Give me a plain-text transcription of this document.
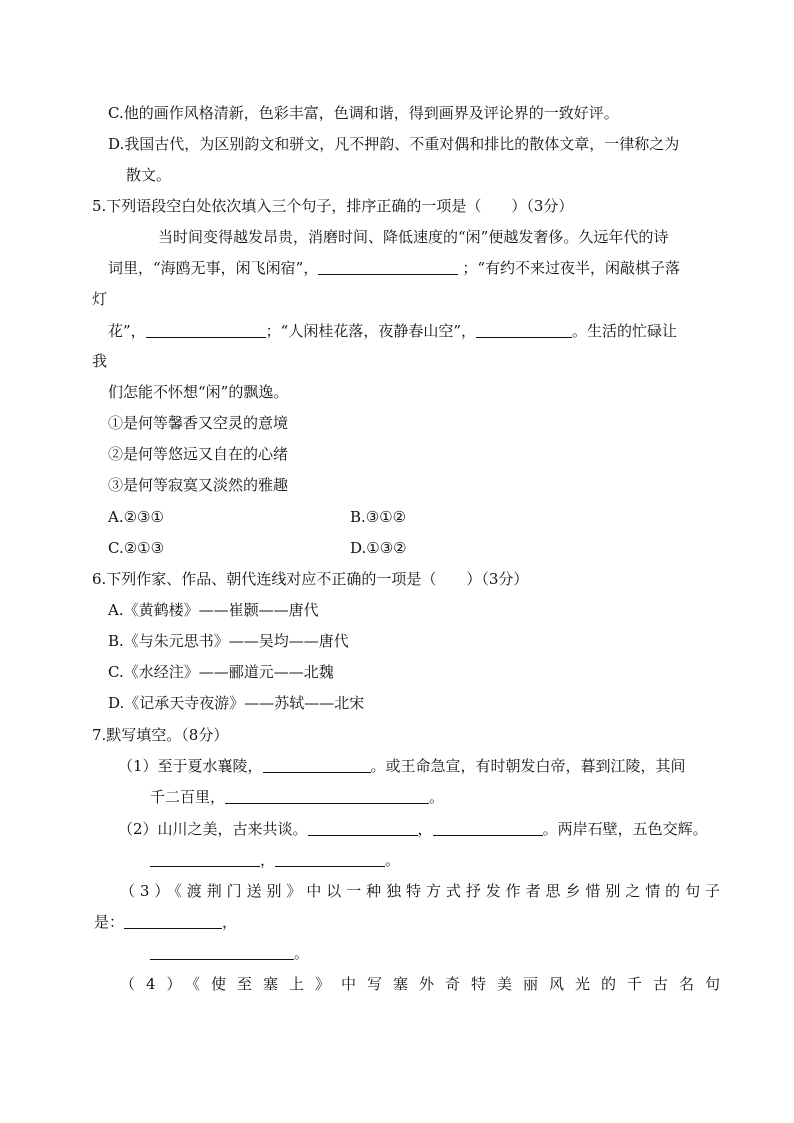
C.他的画作风格清新，色彩丰富，色调和谐，得到画界及评论界的一致好评。
D.我国古代，为区别韵文和骈文，凡不押韵、不重对偶和排比的散体文章，一律称之为
散文。
5.下列语段空白处依次填入三个句子，排序正确的一项是（　　）（3分）
当时间变得越发昂贵，消磨时间、降低速度的“闲”便越发奢侈。久远年代的诗
词里，“海鸥无事，闲飞闲宿”，	；“有约不来过夜半，闲敲棋子落
灯
花”，	；“人闲桂花落，夜静春山空”，	。生活的忙碌让
我
们怎能不怀想“闲”的飘逸。
①是何等馨香又空灵的意境
②是何等悠远又自在的心绪
③是何等寂寞又淡然的雅趣
A.②③①	B.③①②
C.②①③	D.①③②
6.下列作家、作品、朝代连线对应不正确的一项是（　　）（3分）
A.《黄鹤楼》——崔颢——唐代
B.《与朱元思书》——吴均——唐代
C.《水经注》——郦道元——北魏
D.《记承天寺夜游》——苏轼——北宋
7.默写填空。（8分）
（1）至于夏水襄陵，	。或王命急宣，有时朝发白帝，暮到江陵，其间
千二百里，	。
（2）山川之美，古来共谈。	，	。两岸石壁，五色交辉。
，	。
（3）《渡荆门送别》中以一种独特方式抒发作者思乡惜别之情的句子
是：	，
。
（4）《使至塞上》中写塞外奇特美丽风光的千古名句
